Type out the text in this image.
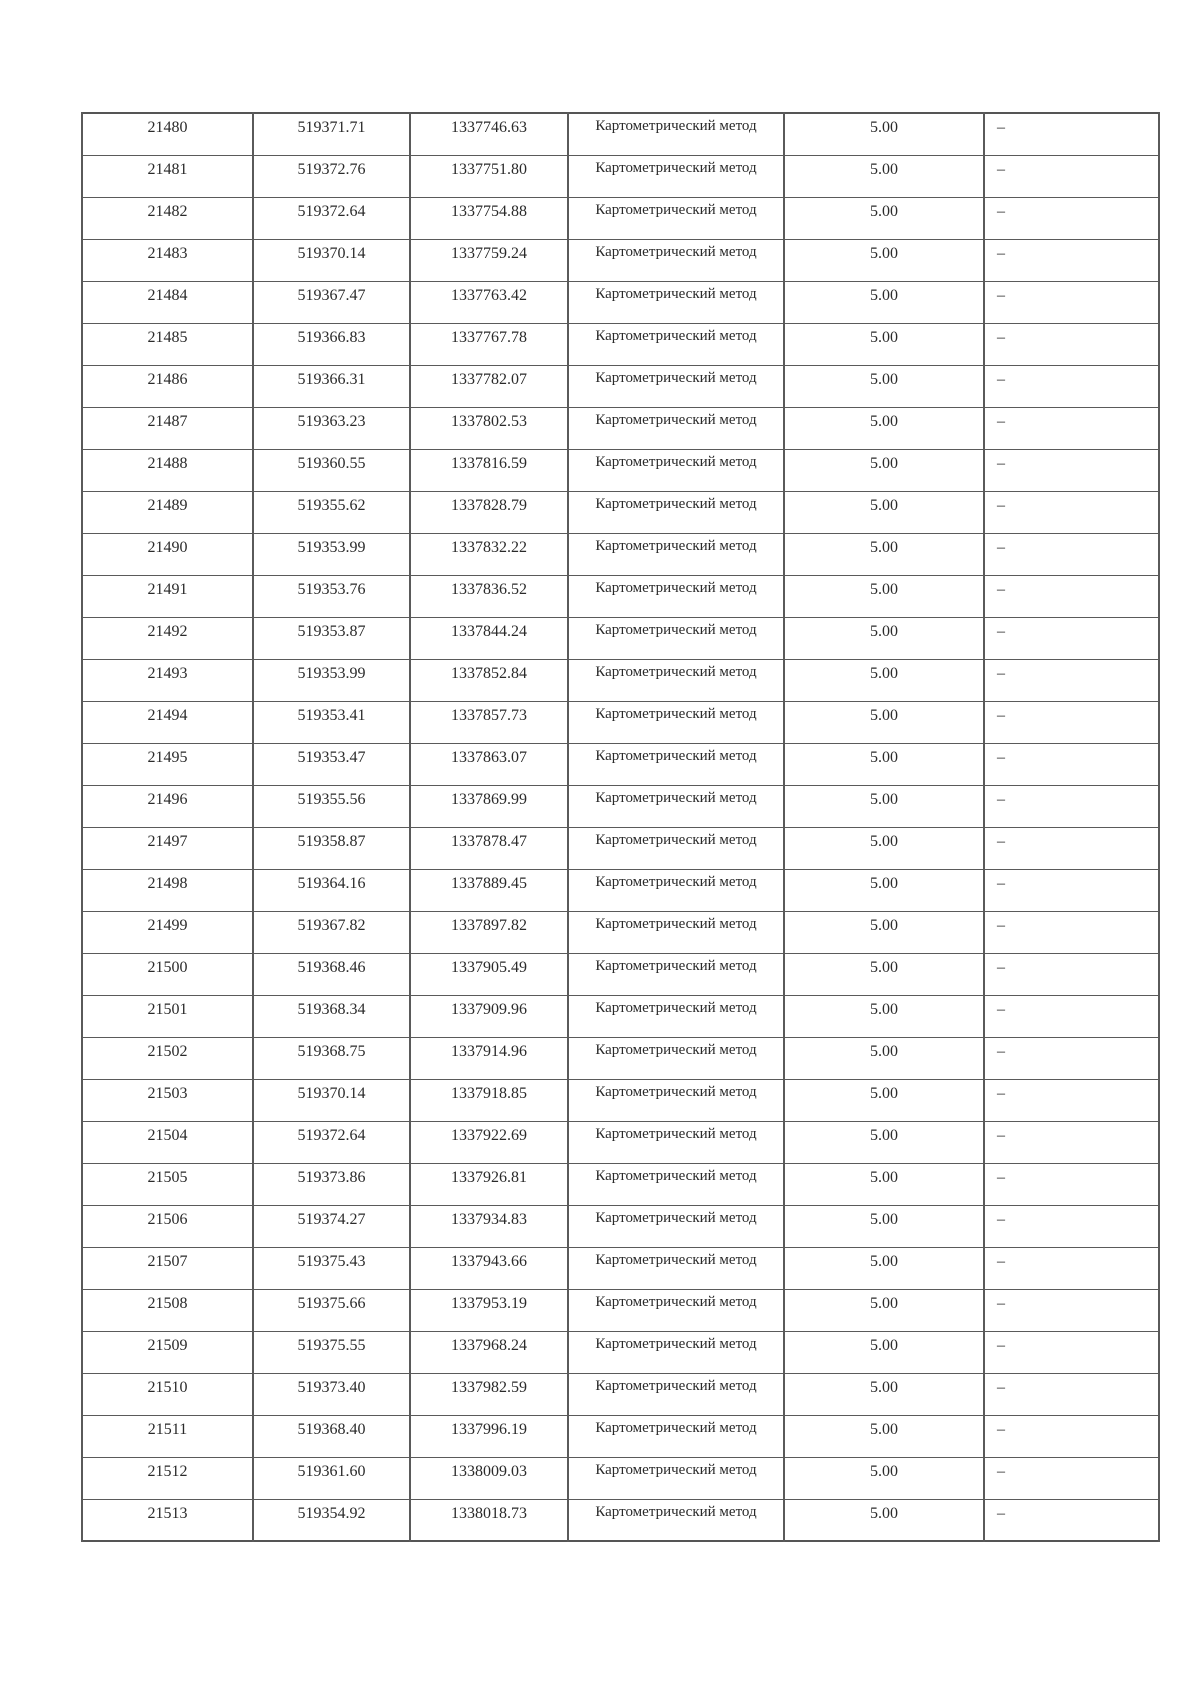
21480	519371.71	1337746.63	Картометрический метод	5.00	–
21481	519372.76	1337751.80	Картометрический метод	5.00	–
21482	519372.64	1337754.88	Картометрический метод	5.00	–
21483	519370.14	1337759.24	Картометрический метод	5.00	–
21484	519367.47	1337763.42	Картометрический метод	5.00	–
21485	519366.83	1337767.78	Картометрический метод	5.00	–
21486	519366.31	1337782.07	Картометрический метод	5.00	–
21487	519363.23	1337802.53	Картометрический метод	5.00	–
21488	519360.55	1337816.59	Картометрический метод	5.00	–
21489	519355.62	1337828.79	Картометрический метод	5.00	–
21490	519353.99	1337832.22	Картометрический метод	5.00	–
21491	519353.76	1337836.52	Картометрический метод	5.00	–
21492	519353.87	1337844.24	Картометрический метод	5.00	–
21493	519353.99	1337852.84	Картометрический метод	5.00	–
21494	519353.41	1337857.73	Картометрический метод	5.00	–
21495	519353.47	1337863.07	Картометрический метод	5.00	–
21496	519355.56	1337869.99	Картометрический метод	5.00	–
21497	519358.87	1337878.47	Картометрический метод	5.00	–
21498	519364.16	1337889.45	Картометрический метод	5.00	–
21499	519367.82	1337897.82	Картометрический метод	5.00	–
21500	519368.46	1337905.49	Картометрический метод	5.00	–
21501	519368.34	1337909.96	Картометрический метод	5.00	–
21502	519368.75	1337914.96	Картометрический метод	5.00	–
21503	519370.14	1337918.85	Картометрический метод	5.00	–
21504	519372.64	1337922.69	Картометрический метод	5.00	–
21505	519373.86	1337926.81	Картометрический метод	5.00	–
21506	519374.27	1337934.83	Картометрический метод	5.00	–
21507	519375.43	1337943.66	Картометрический метод	5.00	–
21508	519375.66	1337953.19	Картометрический метод	5.00	–
21509	519375.55	1337968.24	Картометрический метод	5.00	–
21510	519373.40	1337982.59	Картометрический метод	5.00	–
21511	519368.40	1337996.19	Картометрический метод	5.00	–
21512	519361.60	1338009.03	Картометрический метод	5.00	–
21513	519354.92	1338018.73	Картометрический метод	5.00	–
